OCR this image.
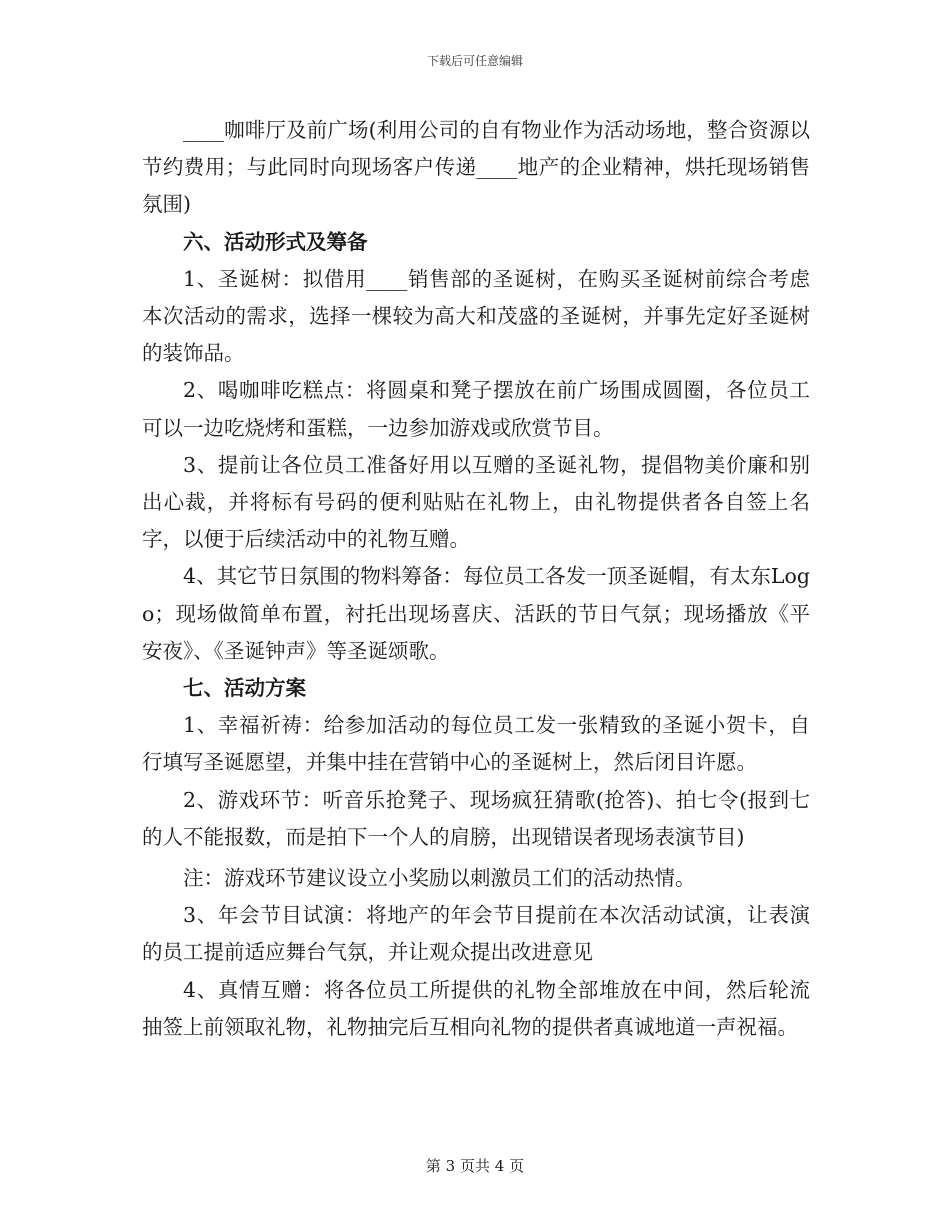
下载后可任意编辑

____咖啡厅及前广场(利用公司的自有物业作为活动场地，整合资源以节约费用；与此同时向现场客户传递____地产的企业精神，烘托现场销售氛围)

六、活动形式及筹备

1、圣诞树：拟借用____销售部的圣诞树，在购买圣诞树前综合考虑本次活动的需求，选择一棵较为高大和茂盛的圣诞树，并事先定好圣诞树的装饰品。

2、喝咖啡吃糕点：将圆桌和凳子摆放在前广场围成圆圈，各位员工可以一边吃烧烤和蛋糕，一边参加游戏或欣赏节目。

3、提前让各位员工准备好用以互赠的圣诞礼物，提倡物美价廉和别出心裁，并将标有号码的便利贴贴在礼物上，由礼物提供者各自签上名字，以便于后续活动中的礼物互赠。

4、其它节日氛围的物料筹备：每位员工各发一顶圣诞帽，有太东Logo；现场做简单布置，衬托出现场喜庆、活跃的节日气氛；现场播放《平安夜》、《圣诞钟声》等圣诞颂歌。

七、活动方案

1、幸福祈祷：给参加活动的每位员工发一张精致的圣诞小贺卡，自行填写圣诞愿望，并集中挂在营销中心的圣诞树上，然后闭目许愿。

2、游戏环节：听音乐抢凳子、现场疯狂猜歌(抢答)、拍七令(报到七的人不能报数，而是拍下一个人的肩膀，出现错误者现场表演节目)

注：游戏环节建议设立小奖励以刺激员工们的活动热情。

3、年会节目试演：将地产的年会节目提前在本次活动试演，让表演的员工提前适应舞台气氛，并让观众提出改进意见

4、真情互赠：将各位员工所提供的礼物全部堆放在中间，然后轮流抽签上前领取礼物，礼物抽完后互相向礼物的提供者真诚地道一声祝福。

第 3 页共 4 页
